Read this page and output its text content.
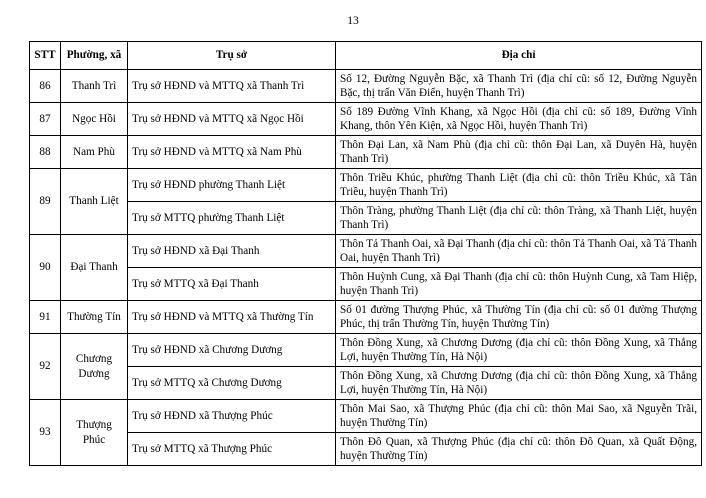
13
STT	Phường, xã	Trụ sở	Địa chỉ
86	Thanh Trì	Trụ sở HĐND và MTTQ xã Thanh Trì	Số 12, Đường Nguyễn Bặc, xã Thanh Trì (địa chỉ cũ: số 12, Đường Nguyễn Bặc, thị trấn Văn Điển, huyện Thanh Trì)
87	Ngọc Hồi	Trụ sở HĐND và MTTQ xã Ngọc Hồi	Số 189 Đường Vĩnh Khang, xã Ngọc Hồi (địa chỉ cũ: số 189, Đường Vĩnh Khang, thôn Yên Kiện, xã Ngọc Hồi, huyện Thanh Trì)
88	Nam Phù	Trụ sở HĐND và MTTQ xã Nam Phù	Thôn Đại Lan, xã Nam Phù (địa chỉ cũ: thôn Đại Lan, xã Duyên Hà, huyện Thanh Trì)
89	Thanh Liệt	Trụ sở HĐND phường Thanh Liệt	Thôn Triều Khúc, phường Thanh Liệt (địa chỉ cũ: thôn Triều Khúc, xã Tân Triều, huyện Thanh Trì)
		Trụ sở MTTQ phường Thanh Liệt	Thôn Tràng, phường Thanh Liệt (địa chỉ cũ: thôn Tràng, xã Thanh Liệt, huyện Thanh Trì)
90	Đại Thanh	Trụ sở HĐND xã Đại Thanh	Thôn Tả Thanh Oai, xã Đại Thanh (địa chỉ cũ: thôn Tả Thanh Oai, xã Tả Thanh Oai, huyện Thanh Trì)
		Trụ sở MTTQ xã Đại Thanh	Thôn Huỳnh Cung, xã Đại Thanh (địa chỉ cũ: thôn Huỳnh Cung, xã Tam Hiệp, huyện Thanh Trì)
91	Thường Tín	Trụ sở HĐND và MTTQ xã Thường Tín	Số 01 đường Thượng Phúc, xã Thường Tín (địa chỉ cũ: số 01 đường Thượng Phúc, thị trấn Thường Tín, huyện Thường Tín)
92	Chương Dương	Trụ sở HĐND xã Chương Dương	Thôn Đồng Xung, xã Chương Dương (địa chỉ cũ: thôn Đồng Xung, xã Thắng Lợi, huyện Thường Tín, Hà Nội)
		Trụ sở MTTQ xã Chương Dương	Thôn Đồng Xung, xã Chương Dương (địa chỉ cũ: thôn Đồng Xung, xã Thắng Lợi, huyện Thường Tín, Hà Nội)
93	Thượng Phúc	Trụ sở HĐND xã Thượng Phúc	Thôn Mai Sao, xã Thượng Phúc (địa chỉ cũ: thôn Mai Sao, xã Nguyễn Trãi, huyện Thường Tín)
		Trụ sở MTTQ xã Thượng Phúc	Thôn Đô Quan, xã Thượng Phúc (địa chỉ cũ: thôn Đô Quan, xã Quất Động, huyện Thường Tín)
